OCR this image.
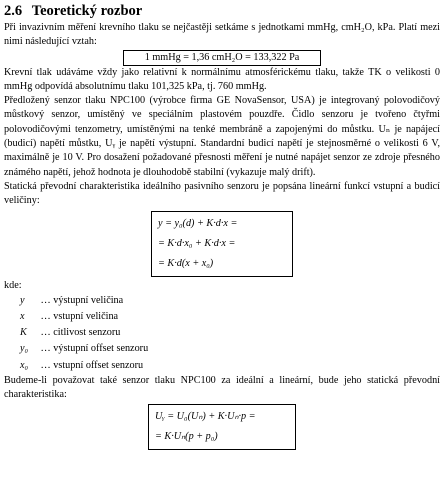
2.6 Teoretický rozbor

Při invazivním měření krevního tlaku se nejčastěji setkáme s jednotkami mmHg, cmH₂O, kPa. Platí mezi nimi následující vztah:

1 mmHg = 1,36 cmH₂O = 133,322 Pa

Krevní tlak udáváme vždy jako relativní k normálnímu atmosférickému tlaku, takže TK o velikosti 0 mmHg odpovídá absolutnímu tlaku 101,325 kPa, tj. 760 mmHg.

Předložený senzor tlaku NPC100 (výrobce firma GE NovaSensor, USA) je integrovaný polovodičový můstkový senzor, umístěný ve speciálním plastovém pouzdře. Čidlo senzoru je tvořeno čtyřmi polovodičovými tenzometry, umístěnými na tenké membráně a zapojenými do můstku. Uₙ je napájecí (budicí) napětí můstku, Uᵧ je napětí výstupní. Standardní budicí napětí je stejnosměrné o velikosti 6 V, maximálně je 10 V. Pro dosažení požadované přesnosti měření je nutné napájet senzor ze zdroje přesného známého napětí, jehož hodnota je dlouhodobě stabilní (vykazuje malý drift).

Statická převodní charakteristika ideálního pasivního senzoru je popsána lineární funkcí vstupní a budicí veličiny:

y = y₀(d) + K·d·x =
= K·d·x₀ + K·d·x =
= K·d(x + x₀)
kde:
y … výstupní veličina
x … vstupní veličina
K … citlivost senzoru
y₀ … výstupní offset senzoru
x₀ … vstupní offset senzoru

Budeme-li považovat také senzor tlaku NPC100 za ideální a lineární, bude jeho statická převodní charakteristika:

Uᵧ = U₀(Uₙ) + K·Uₙ·p =
= K·Uₙ(p + p₀)
